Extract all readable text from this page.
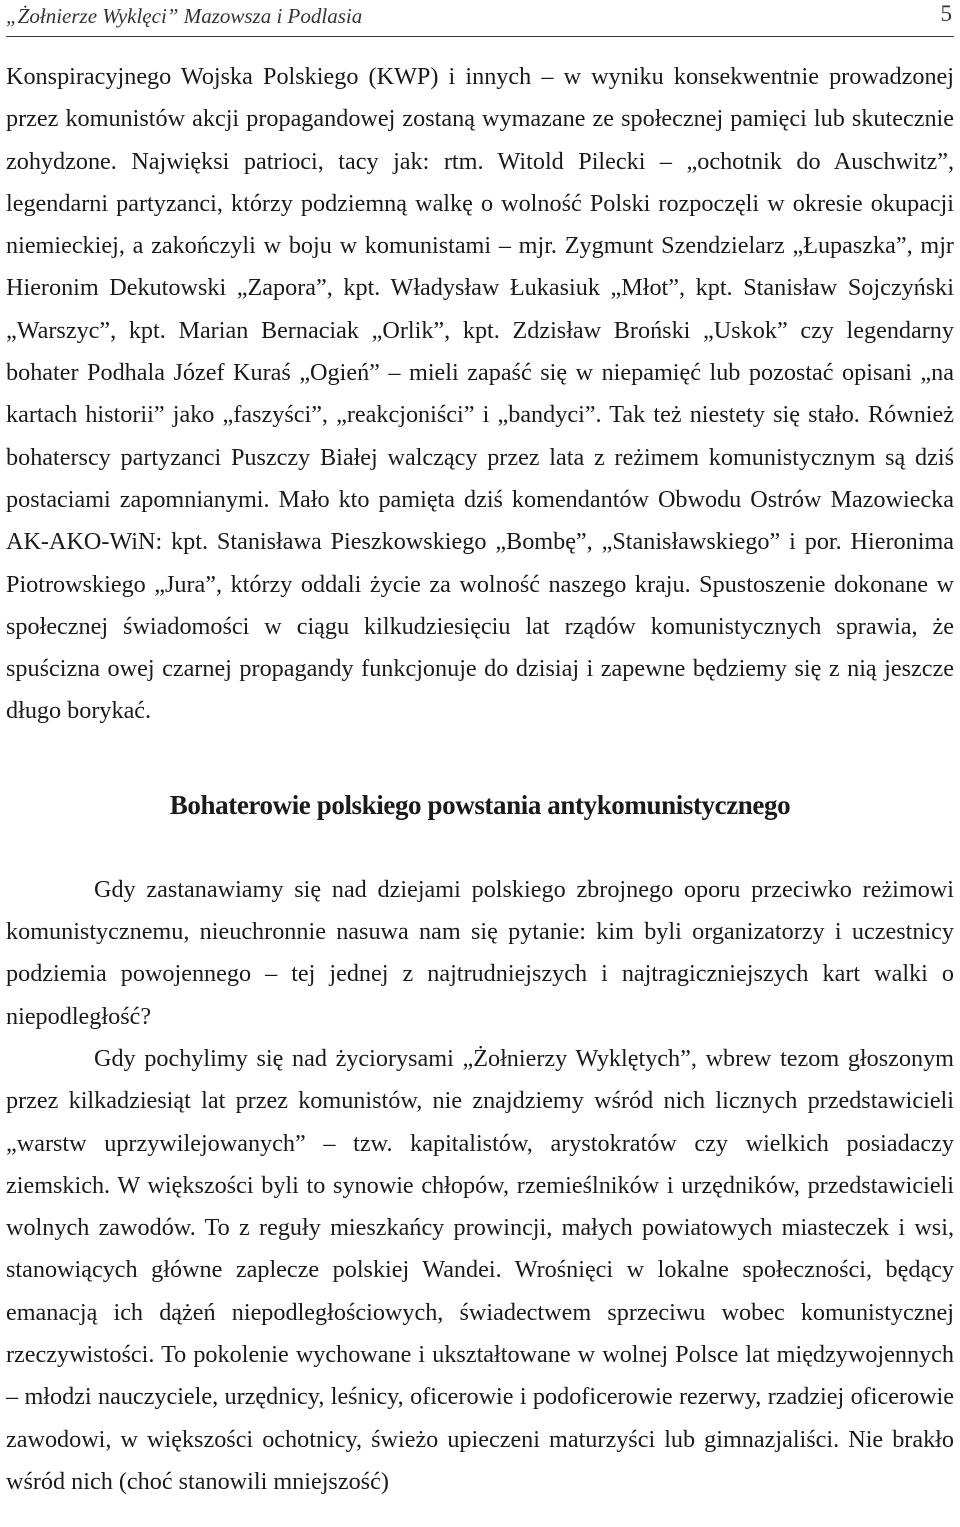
„Żołnierze Wyklęci” Mazowsza i Podlasia	5

Konspiracyjnego Wojska Polskiego (KWP) i innych – w wyniku konsekwentnie prowadzonej przez komunistów akcji propagandowej zostaną wymazane ze społecznej pamięci lub skutecznie zohydzone. Najwięksi patrioci, tacy jak: rtm. Witold Pilecki – „ochotnik do Auschwitz”, legendarni partyzanci, którzy podziemną walkę o wolność Polski rozpoczęli w okresie okupacji niemieckiej, a zakończyli w boju w komunistami – mjr. Zygmunt Szendzielarz „Łupaszka”, mjr Hieronim Dekutowski „Zapora”, kpt. Władysław Łukasiuk „Młot”, kpt. Stanisław Sojczyński „Warszyc”, kpt. Marian Bernaciak „Orlik”, kpt. Zdzisław Broński „Uskok” czy legendarny bohater Podhala Józef Kuraś „Ogień” – mieli zapaść się w niepamięć lub pozostać opisani „na kartach historii” jako „faszyści”, „reakcjoniści” i „bandyci”. Tak też niestety się stało. Również bohaterscy partyzanci Puszczy Białej walczący przez lata z reżimem komunistycznym są dziś postaciami zapomnianymi. Mało kto pamięta dziś komendantów Obwodu Ostrów Mazowiecka AK-AKO-WiN: kpt. Stanisława Pieszkowskiego „Bombę”, „Stanisławskiego” i por. Hieronima Piotrowskiego „Jura”, którzy oddali życie za wolność naszego kraju. Spustoszenie dokonane w społecznej świadomości w ciągu kilkudziesięciu lat rządów komunistycznych sprawia, że spuścizna owej czarnej propagandy funkcjonuje do dzisiaj i zapewne będziemy się z nią jeszcze długo borykać.

Bohaterowie polskiego powstania antykomunistycznego

Gdy zastanawiamy się nad dziejami polskiego zbrojnego oporu przeciwko reżimowi komunistycznemu, nieuchronnie nasuwa nam się pytanie: kim byli organizatorzy i uczestnicy podziemia powojennego – tej jednej z najtrudniejszych i najtragiczniejszych kart walki o niepodległość?

Gdy pochylimy się nad życiorysami „Żołnierzy Wyklętych”, wbrew tezom głoszonym przez kilkadziesiąt lat przez komunistów, nie znajdziemy wśród nich licznych przedstawicieli „warstw uprzywilejowanych” – tzw. kapitalistów, arystokratów czy wielkich posiadaczy ziemskich. W większości byli to synowie chłopów, rzemieślników i urzędników, przedstawicieli wolnych zawodów. To z reguły mieszkańcy prowincji, małych powiatowych miasteczek i wsi, stanowiących główne zaplecze polskiej Wandei. Wrośnięci w lokalne społeczności, będący emanacją ich dążeń niepodległościowych, świadectwem sprzeciwu wobec komunistycznej rzeczywistości. To pokolenie wychowane i ukształtowane w wolnej Polsce lat międzywojennych – młodzi nauczyciele, urzędnicy, leśnicy, oficerowie i podoficerowie rezerwy, rzadziej oficerowie zawodowi, w większości ochotnicy, świeżo upieczeni maturzyści lub gimnazjaliści. Nie brakło wśród nich (choć stanowili mniejszość)
